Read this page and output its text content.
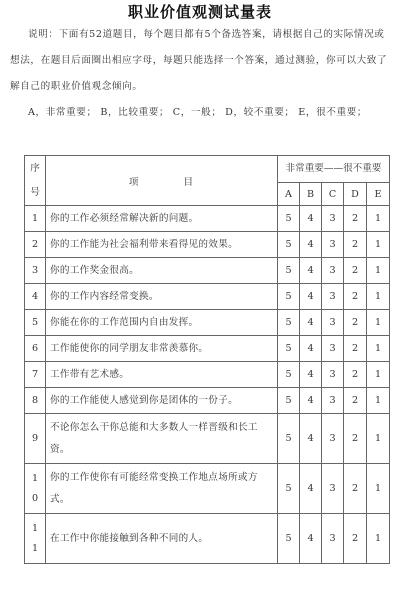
职业价值观测试量表

说明：下面有52道题目，每个题目都有5个备选答案，请根据自己的实际情况或想法，在题目后面圈出相应字母，每题只能选择一个答案，通过测验，你可以大致了解自己的职业价值观念倾向。

A，非常重要； B，比较重要； C，一般； D，较不重要； E，很不重要；

序
号	项 目	非常重要——很不重要				
		A	B	C	D	E
1	你的工作必须经常解决新的问题。	5	4	3	2	1
2	你的工作能为社会福利带来看得见的效果。	5	4	3	2	1
3	你的工作奖金很高。	5	4	3	2	1
4	你的工作内容经常变换。	5	4	3	2	1
5	你能在你的工作范围内自由发挥。	5	4	3	2	1
6	工作能使你的同学朋友非常羡慕你。	5	4	3	2	1
7	工作带有艺术感。	5	4	3	2	1
8	你的工作能使人感觉到你是团体的一份子。	5	4	3	2	1
9	不论你怎么干你总能和大多数人一样晋级和长工资。	5	4	3	2	1

10	你的工作使你有可能经常变换工作地点场所或方式。	5	4	3	2	1

11	在工作中你能接触到各种不同的人。	5	4	3	2	1
